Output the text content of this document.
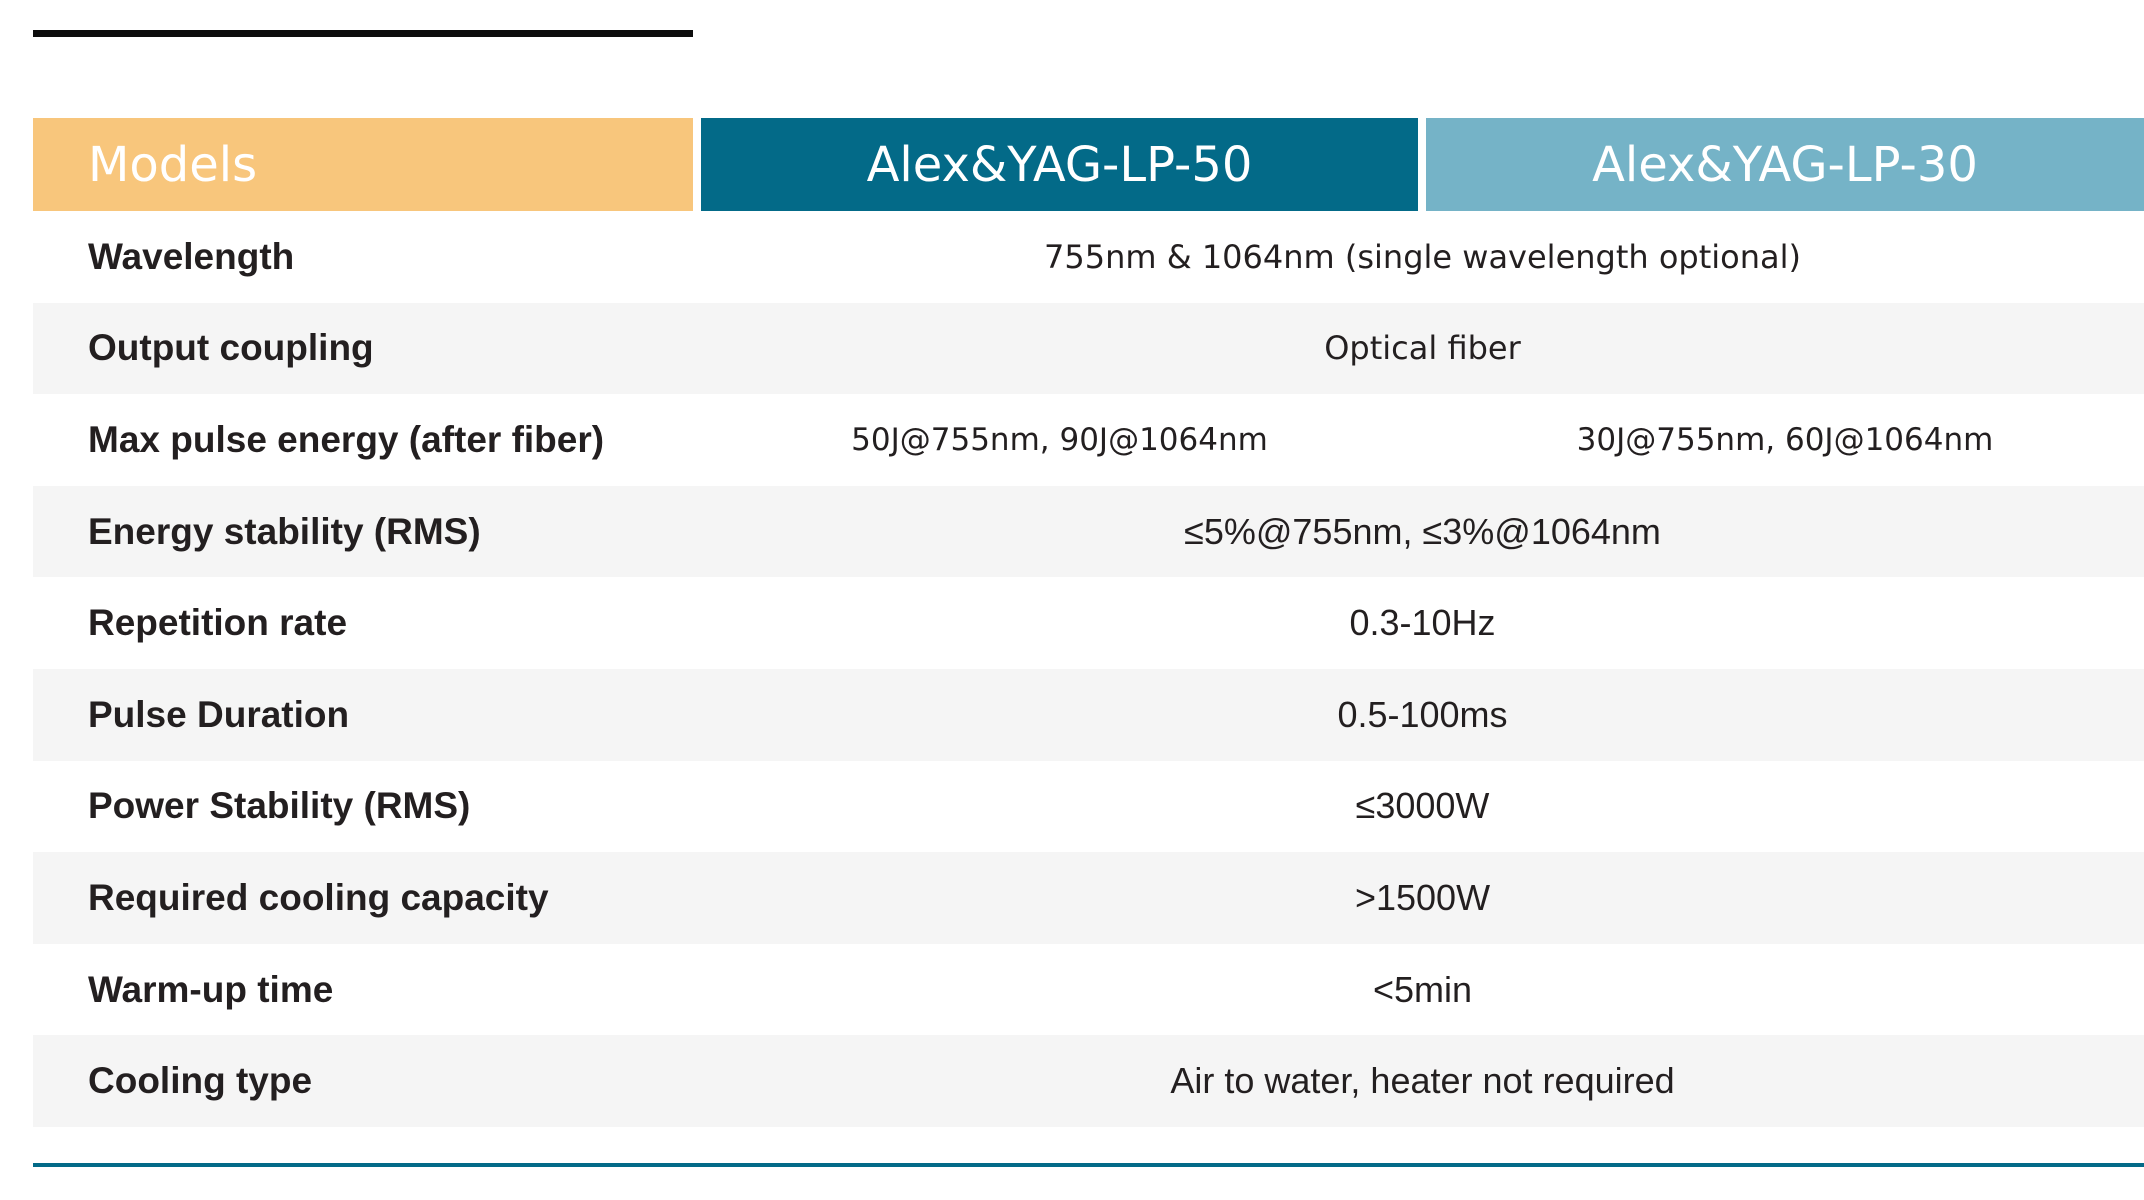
Models	Alex&YAG-LP-50	Alex&YAG-LP-30
Wavelength	755nm & 1064nm (single wavelength optional)
Output coupling	Optical fiber
Max pulse energy (after fiber)	50J@755nm, 90J@1064nm	30J@755nm, 60J@1064nm
Energy stability (RMS)	≤5%@755nm, ≤3%@1064nm
Repetition rate	0.3-10Hz
Pulse Duration	0.5-100ms
Power Stability (RMS)	≤3000W
Required cooling capacity	>1500W
Warm-up time	<5min
Cooling type	Air to water, heater not required
